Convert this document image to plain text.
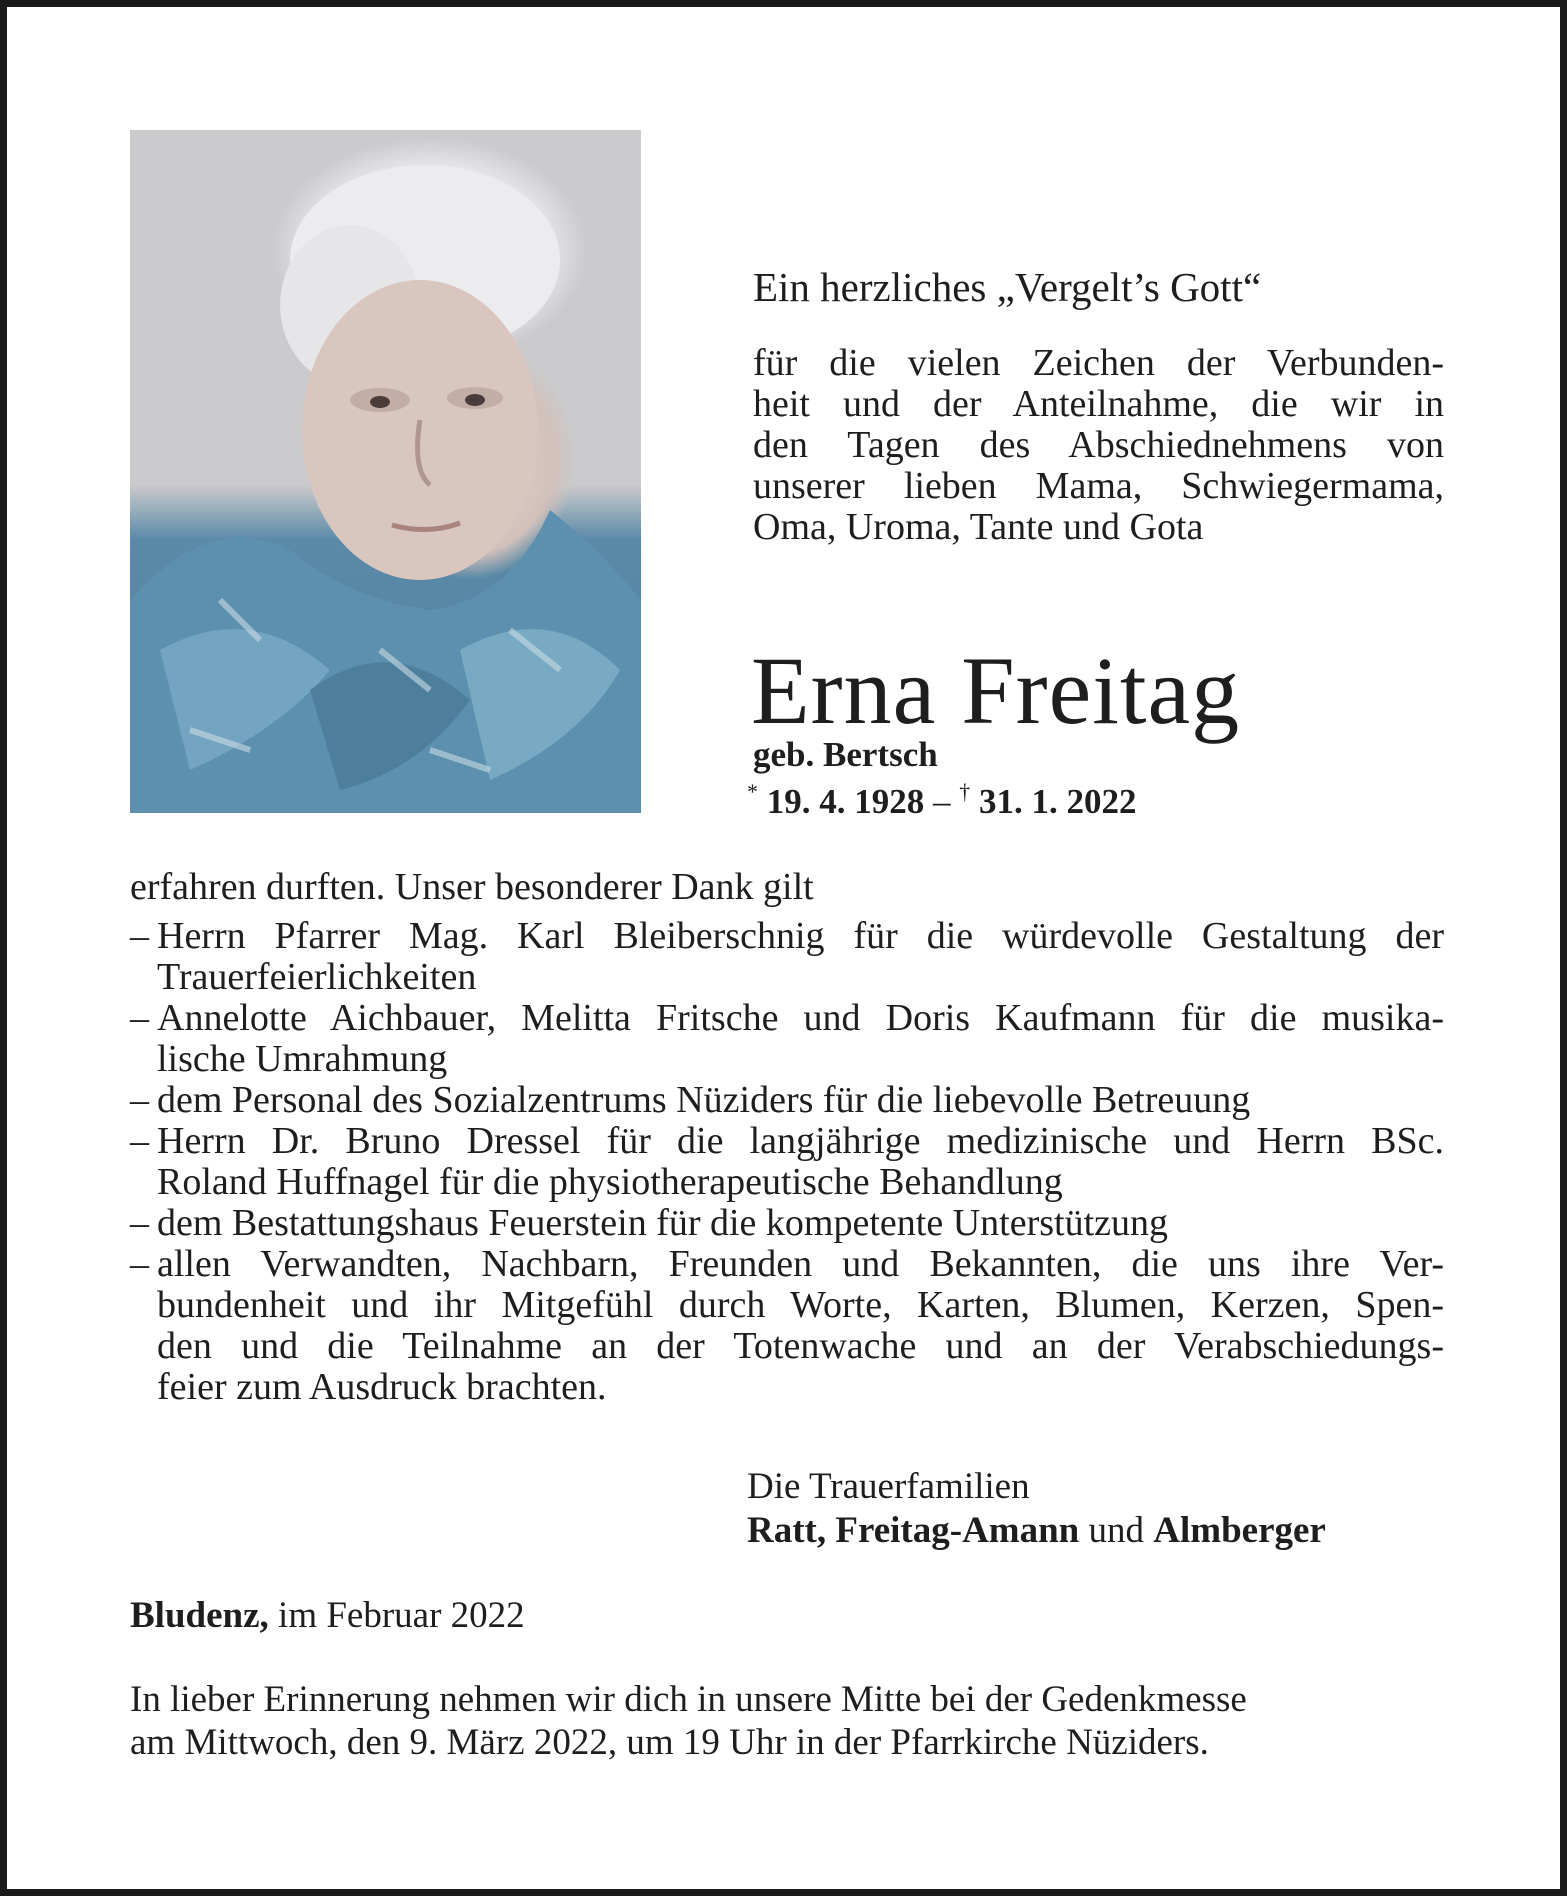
Ein herzliches „Vergelt’s Gott“
für die vielen Zeichen der Verbunden-
heit und der Anteilnahme, die wir in
den Tagen des Abschiednehmens von
unserer lieben Mama, Schwiegermama,
Oma, Uroma, Tante und Gota
Erna Freitag
geb. Bertsch
* 19. 4. 1928 – † 31. 1. 2022
erfahren durften. Unser besonderer Dank gilt
– Herrn Pfarrer Mag. Karl Bleiberschnig für die würdevolle Gestaltung der
Trauerfeierlichkeiten
– Annelotte Aichbauer, Melitta Fritsche und Doris Kaufmann für die musika-
lische Umrahmung
– dem Personal des Sozialzentrums Nüziders für die liebevolle Betreuung
– Herrn Dr. Bruno Dressel für die langjährige medizinische und Herrn BSc.
Roland Huffnagel für die physiotherapeutische Behandlung
– dem Bestattungshaus Feuerstein für die kompetente Unterstützung
– allen Verwandten, Nachbarn, Freunden und Bekannten, die uns ihre Ver-
bundenheit und ihr Mitgefühl durch Worte, Karten, Blumen, Kerzen, Spen-
den und die Teilnahme an der Totenwache und an der Verabschiedungs-
feier zum Ausdruck brachten.
Die Trauerfamilien
Ratt, Freitag-Amann und Almberger
Bludenz, im Februar 2022
In lieber Erinnerung nehmen wir dich in unsere Mitte bei der Gedenkmesse
am Mittwoch, den 9. März 2022, um 19 Uhr in der Pfarrkirche Nüziders.
